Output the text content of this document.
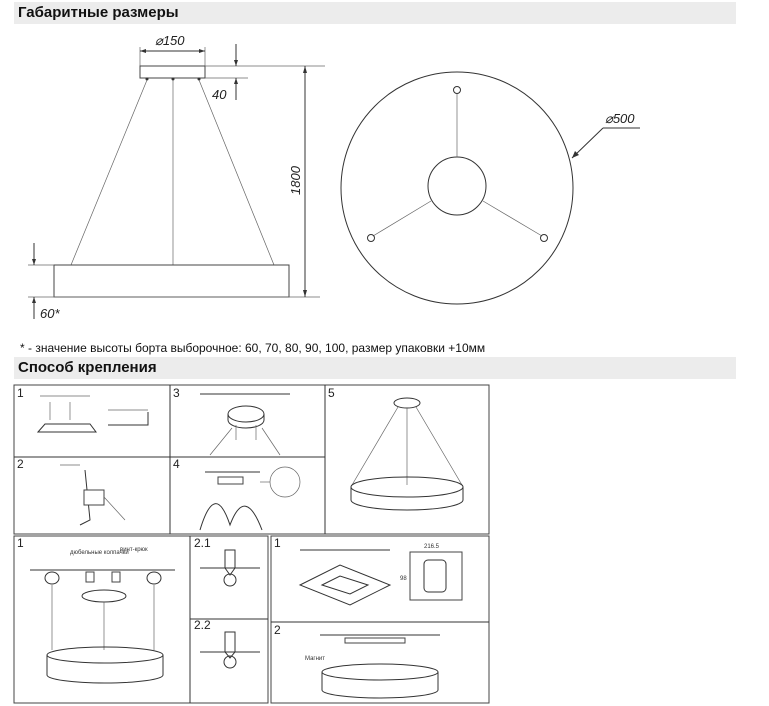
Габаритные размеры
* - значение высоты борта выборочное: 60, 70, 80, 90, 100, размер упаковки +10мм
Способ крепления
⌀150
40
1800
60*
⌀500
1
2
3
4
5
1	2.1
2.2
дюбельные колпачки
винт-крюк	1
2
216.5
98
Магнит
